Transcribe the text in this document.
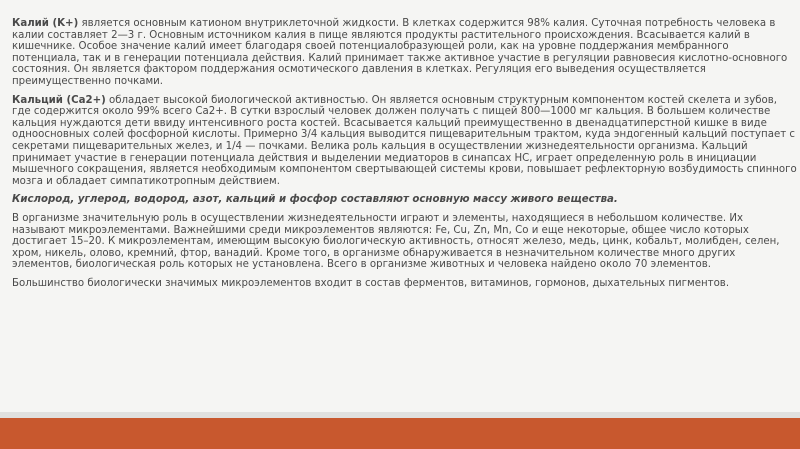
Калий (K+) является основным катионом внутриклеточной жидкости. В клетках содержится 98% калия. Суточная потребность человека в калии составляет 2—3 г. Основным источником калия в пище являются продукты растительного происхождения. Всасывается калий в кишечнике. Особое значение калий имеет благодаря своей потенциалобразующей роли, как на уровне поддержания мембранного потенциала, так и в генерации потенциала действия. Калий принимает также активное участие в регуляции равновесия кислотно-основного состояния. Он является фактором поддержания осмотического давления в клетках. Регуляция его выведения осуществляется преимущественно почками.

Кальций (Ca2+) обладает высокой биологической активностью. Он является основным структурным компонентом костей скелета и зубов, где содержится около 99% всего Ca2+. В сутки взрослый человек должен получать с пищей 800—1000 мг кальция. В большем количестве кальция нуждаются дети ввиду интенсивного роста костей. Всасывается кальций преимущественно в двенадцатиперстной кишке в виде одноосновных солей фосфорной кислоты. Примерно 3/4 кальция выводится пищеварительным трактом, куда эндогенный кальций поступает с секретами пищеварительных желез, и 1/4 — почками. Велика роль кальция в осуществлении жизнедеятельности организма. Кальций принимает участие в генерации потенциала действия и выделении медиаторов в синапсах НС, играет определенную роль в инициации мышечного сокращения, является необходимым компонентом свертывающей системы крови, повышает рефлекторную возбудимость спинного мозга и обладает симпатикотропным действием.

Кислород, углерод, водород, азот, кальций и фосфор составляют основную массу живого вещества.

В организме значительную роль в осуществлении жизнедеятельности играют и элементы, находящиеся в небольшом количестве. Их называют микроэлементами. Важнейшими среди микроэлементов являются: Fe, Cu, Zn, Mn, Co и еще некоторые, общее число которых достигает 15–20. К микроэлементам, имеющим высокую биологическую активность, относят железо, медь, цинк, кобальт, молибден, селен, хром, никель, олово, кремний, фтор, ванадий. Кроме того, в организме обнаруживается в незначительном количестве много других элементов, биологическая роль которых не установлена. Всего в организме животных и человека найдено около 70 элементов.

Большинство биологически значимых микроэлементов входит в состав ферментов, витаминов, гормонов, дыхательных пигментов.
